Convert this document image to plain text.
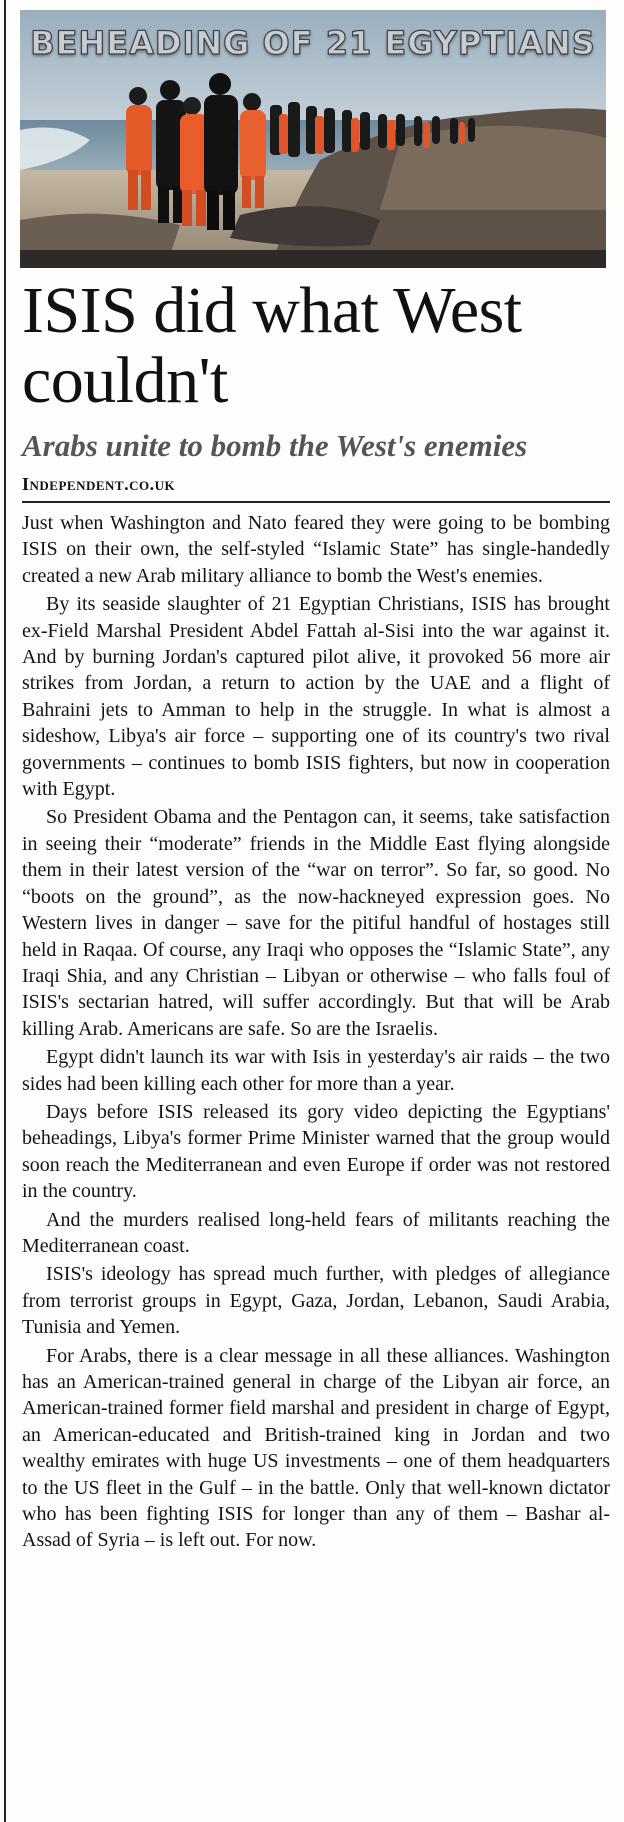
BEHEADING OF 21 EGYPTIANS
ISIS did what West couldn't
Arabs unite to bomb the West's enemies
Independent.co.uk

Just when Washington and Nato feared they were going to be bombing ISIS on their own, the self-styled “Islamic State” has single-handedly created a new Arab military alliance to bomb the West's enemies.

By its seaside slaughter of 21 Egyptian Christians, ISIS has brought ex-Field Marshal President Abdel Fattah al-Sisi into the war against it. And by burning Jordan's captured pilot alive, it provoked 56 more air strikes from Jordan, a return to action by the UAE and a flight of Bahraini jets to Amman to help in the struggle. In what is almost a sideshow, Libya's air force – supporting one of its country's two rival governments – continues to bomb ISIS fighters, but now in cooperation with Egypt.

So President Obama and the Pentagon can, it seems, take satisfaction in seeing their “moderate” friends in the Middle East flying alongside them in their latest version of the “war on terror”. So far, so good. No “boots on the ground”, as the now-hackneyed expression goes. No Western lives in danger – save for the pitiful handful of hostages still held in Raqaa. Of course, any Iraqi who opposes the “Islamic State”, any Iraqi Shia, and any Christian – Libyan or otherwise – who falls foul of ISIS's sectarian hatred, will suffer accordingly. But that will be Arab killing Arab. Americans are safe. So are the Israelis.

Egypt didn't launch its war with Isis in yesterday's air raids – the two sides had been killing each other for more than a year.

Days before ISIS released its gory video depicting the Egyptians' beheadings, Libya's former Prime Minister warned that the group would soon reach the Mediterranean and even Europe if order was not restored in the country.

And the murders realised long-held fears of militants reaching the Mediterranean coast.

ISIS's ideology has spread much further, with pledges of allegiance from terrorist groups in Egypt, Gaza, Jordan, Lebanon, Saudi Arabia, Tunisia and Yemen.

For Arabs, there is a clear message in all these alliances. Washington has an American-trained general in charge of the Libyan air force, an American-trained former field marshal and president in charge of Egypt, an American-educated and British-trained king in Jordan and two wealthy emirates with huge US investments – one of them headquarters to the US fleet in the Gulf – in the battle. Only that well-known dictator who has been fighting ISIS for longer than any of them – Bashar al-Assad of Syria – is left out. For now.
